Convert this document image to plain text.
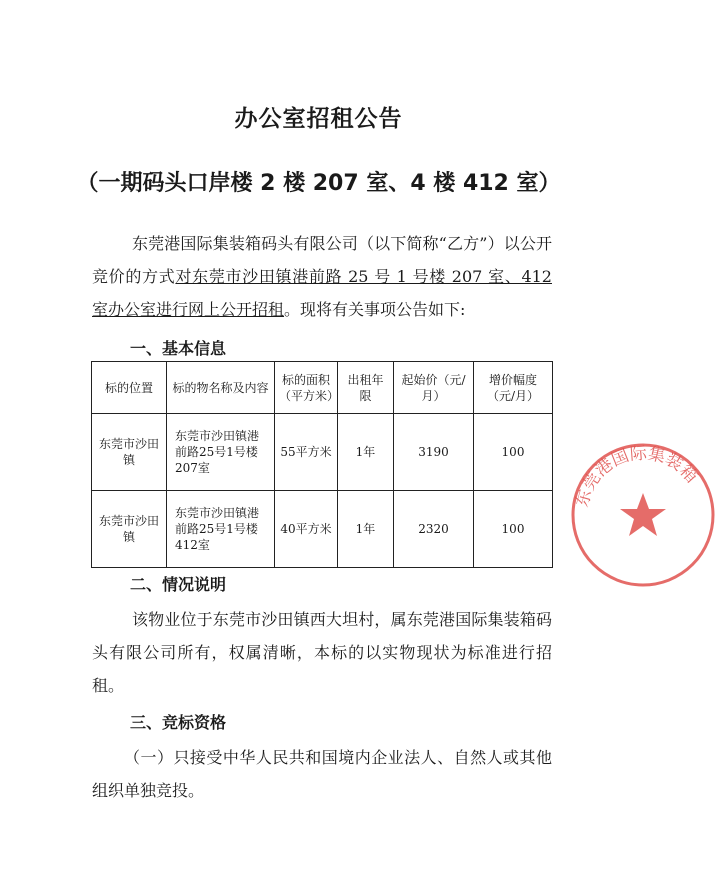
办公室招租公告
（一期码头口岸楼 2 楼 207 室、4 楼 412 室）
东莞港国际集装箱码头有限公司（以下简称“乙方”）以公开竞价的方式对东莞市沙田镇港前路 25 号 1 号楼 207 室、412 室办公室进行网上公开招租。现将有关事项公告如下:
一、基本信息
标的位置	标的物名称及内容	标的面积（平方米）	出租年限	起始价（元/月）	增价幅度（元/月）
东莞市沙田镇	东莞市沙田镇港前路25号1号楼207室	55平方米	1年	3190	100
东莞市沙田镇	东莞市沙田镇港前路25号1号楼412室	40平方米	1年	2320	100
二、情况说明
该物业位于东莞市沙田镇西大坦村，属东莞港国际集装箱码头有限公司所有，权属清晰，本标的以实物现状为标准进行招租。
三、竞标资格
（一）只接受中华人民共和国境内企业法人、自然人或其他组织单独竞投。
东莞港国际集装箱
